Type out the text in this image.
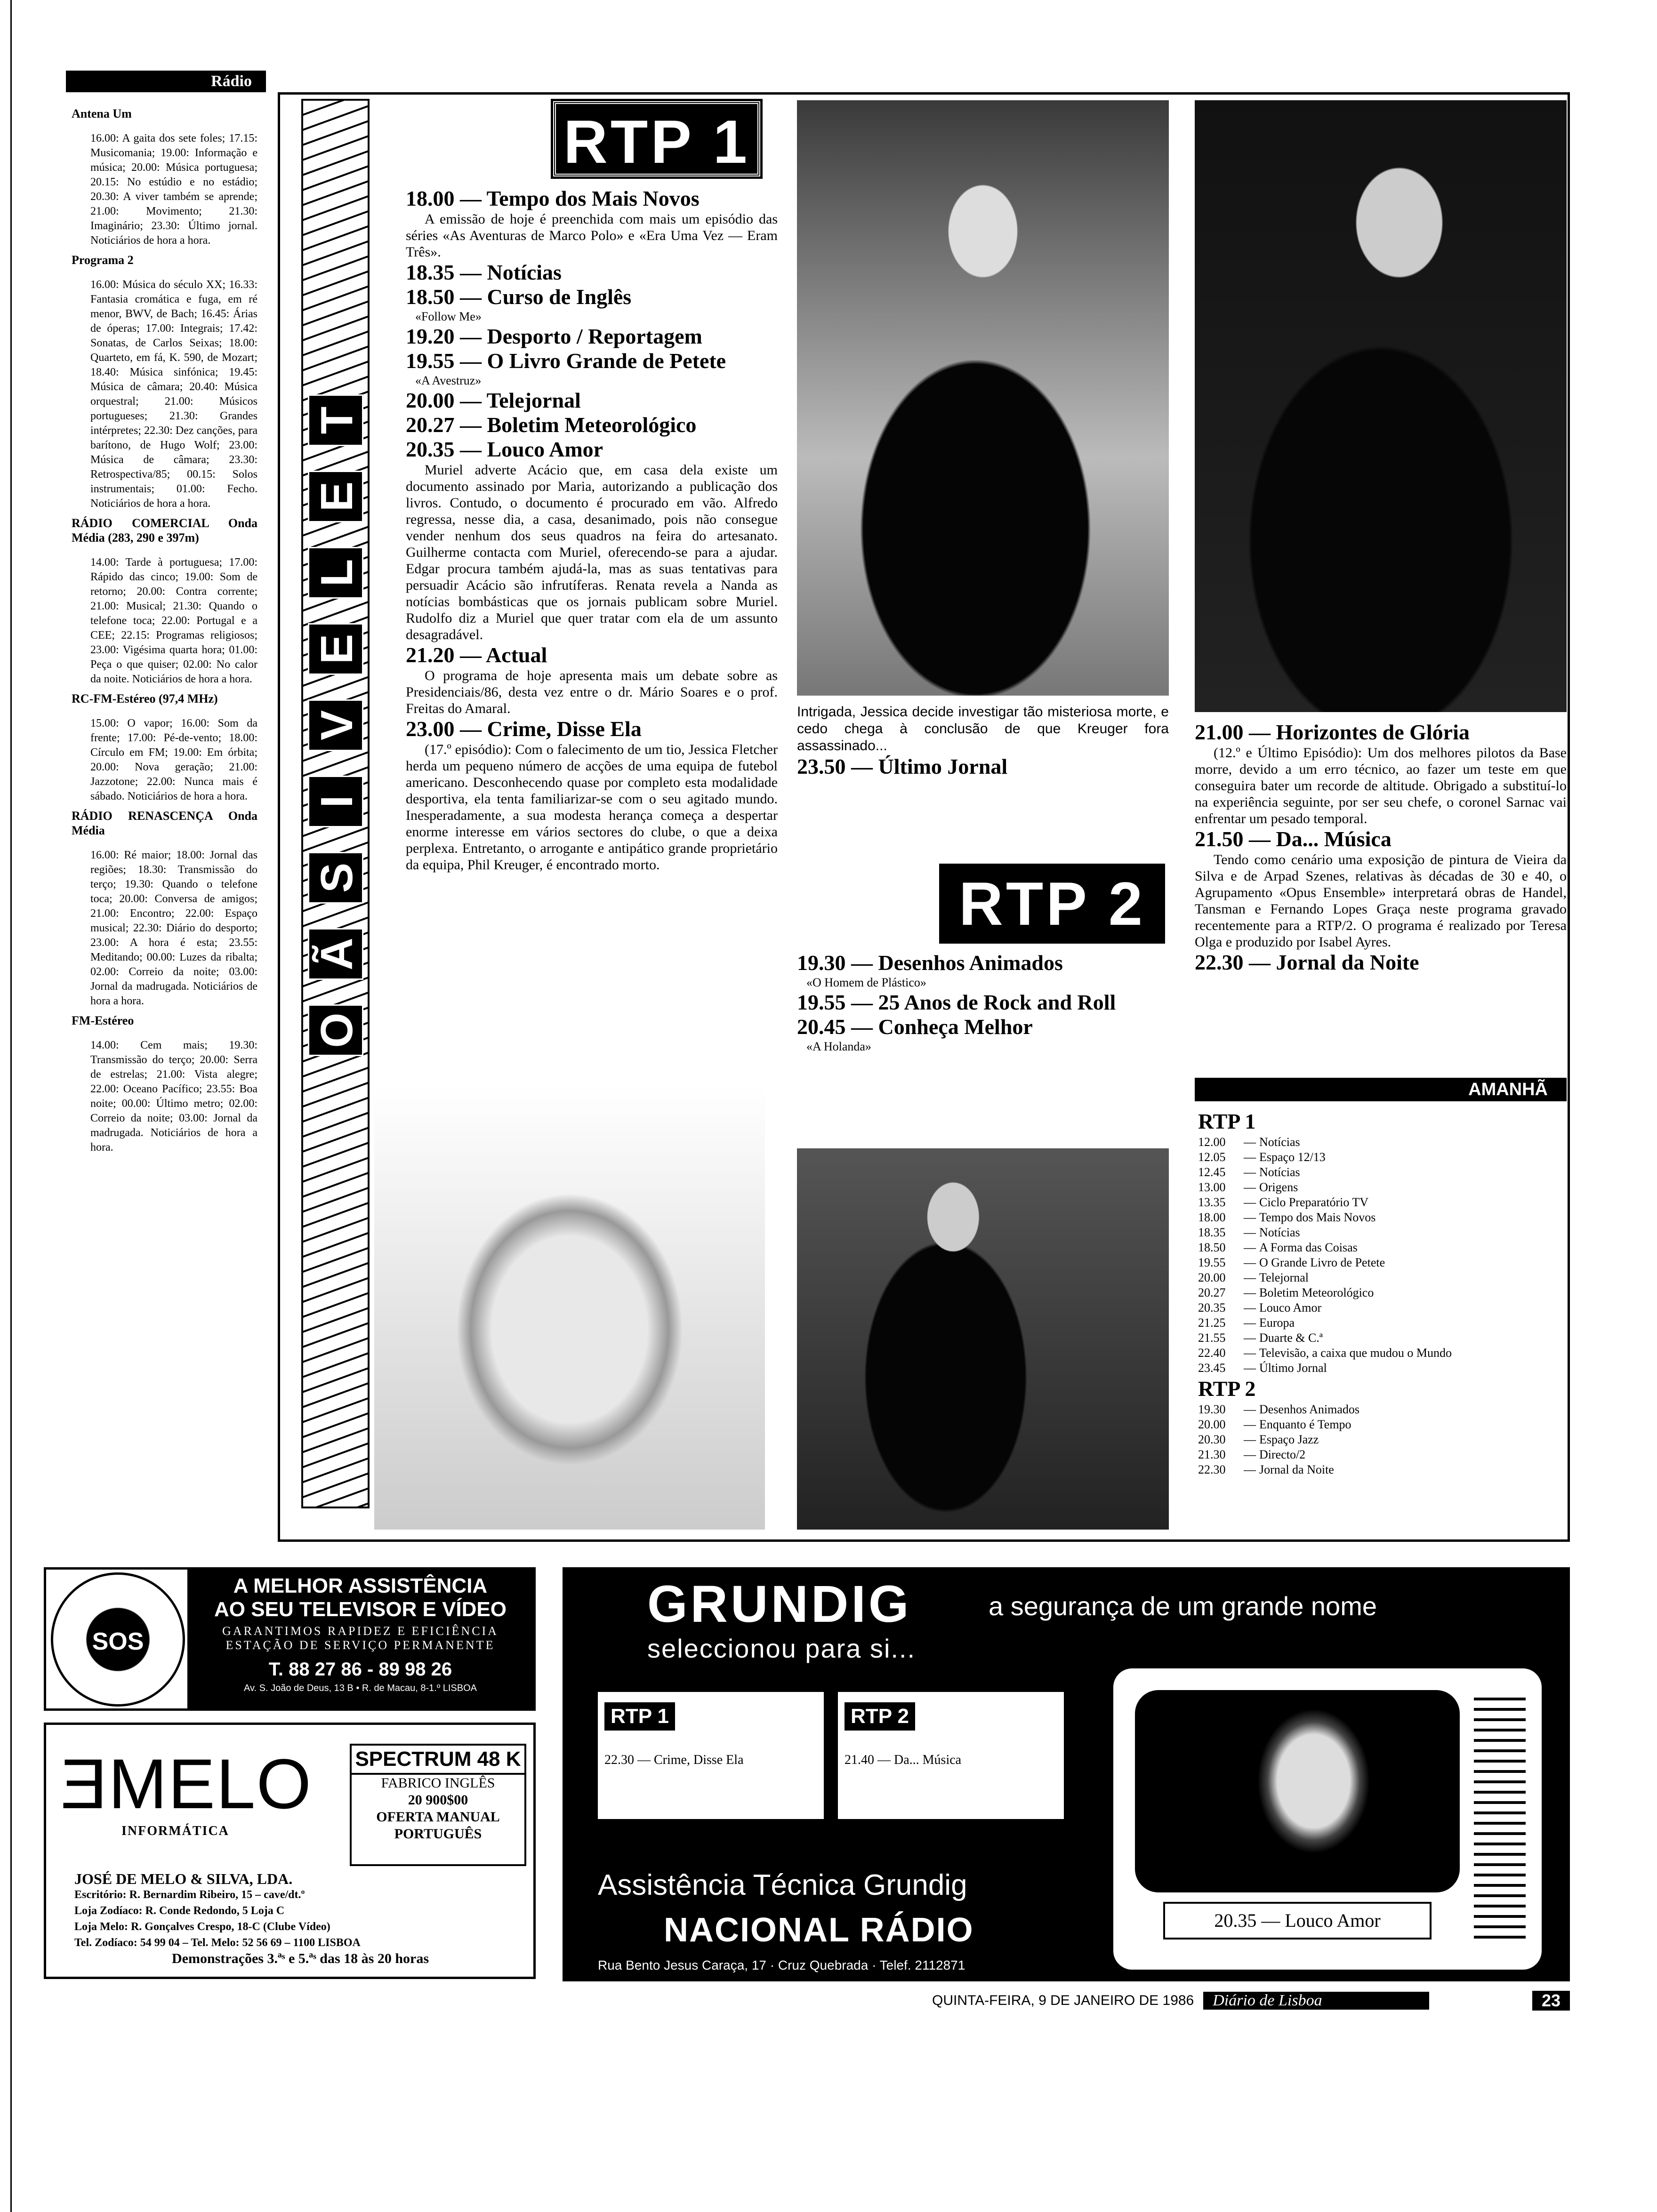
Rádio
Antena Um
16.00: A gaita dos sete foles; 17.15: Musicomania; 19.00: Informação e música; 20.00: Música portuguesa; 20.15: No estúdio e no estádio; 20.30: A viver também se aprende; 21.00: Movimento; 21.30: Imaginário; 23.30: Último jornal. Noticiários de hora a hora.
Programa 2
16.00: Música do século XX; 16.33: Fantasia cromática e fuga, em ré menor, BWV, de Bach; 16.45: Árias de óperas; 17.00: Integrais; 17.42: Sonatas, de Carlos Seixas; 18.00: Quarteto, em fá, K. 590, de Mozart; 18.40: Música sinfónica; 19.45: Música de câmara; 20.40: Música orquestral; 21.00: Músicos portugueses; 21.30: Grandes intérpretes; 22.30: Dez canções, para barítono, de Hugo Wolf; 23.00: Música de câmara; 23.30: Retrospectiva/85; 00.15: Solos instrumentais; 01.00: Fecho. Noticiários de hora a hora.
RÁDIO COMERCIAL Onda Média (283, 290 e 397m)
14.00: Tarde à portuguesa; 17.00: Rápido das cinco; 19.00: Som de retorno; 20.00: Contra corrente; 21.00: Musical; 21.30: Quando o telefone toca; 22.00: Portugal e a CEE; 22.15: Programas religiosos; 23.00: Vigésima quarta hora; 01.00: Peça o que quiser; 02.00: No calor da noite. Noticiários de hora a hora.
RC-FM-Estéreo (97,4 MHz)
15.00: O vapor; 16.00: Som da frente; 17.00: Pé-de-vento; 18.00: Círculo em FM; 19.00: Em órbita; 20.00: Nova geração; 21.00: Jazzotone; 22.00: Nunca mais é sábado. Noticiários de hora a hora.
RÁDIO RENASCENÇA Onda Média
16.00: Ré maior; 18.00: Jornal das regiões; 18.30: Transmissão do terço; 19.30: Quando o telefone toca; 20.00: Conversa de amigos; 21.00: Encontro; 22.00: Espaço musical; 22.30: Diário do desporto; 23.00: A hora é esta; 23.55: Meditando; 00.00: Luzes da ribalta; 02.00: Correio da noite; 03.00: Jornal da madrugada. Noticiários de hora a hora.
FM-Estéreo
14.00: Cem mais; 19.30: Transmissão do terço; 20.00: Serra de estrelas; 21.00: Vista alegre; 22.00: Oceano Pacífico; 23.55: Boa noite; 00.00: Último metro; 02.00: Correio da noite; 03.00: Jornal da madrugada. Noticiários de hora a hora.
T
E
L
E
V
I
S
Ã
O
RTP 1
18.00 — Tempo dos Mais Novos
A emissão de hoje é preenchida com mais um episódio das séries «As Aventuras de Marco Polo» e «Era Uma Vez — Eram Três».
18.35 — Notícias
18.50 — Curso de Inglês
«Follow Me»
19.20 — Desporto / Reportagem
19.55 — O Livro Grande de Petete
«A Avestruz»
20.00 — Telejornal
20.27 — Boletim Meteorológico
20.35 — Louco Amor
Muriel adverte Acácio que, em casa dela existe um documento assinado por Maria, autorizando a publicação dos livros. Contudo, o documento é procurado em vão. Alfredo regressa, nesse dia, a casa, desanimado, pois não consegue vender nenhum dos seus quadros na feira do artesanato. Guilherme contacta com Muriel, oferecendo-se para a ajudar. Edgar procura também ajudá-la, mas as suas tentativas para persuadir Acácio são infrutíferas. Renata revela a Nanda as notícias bombásticas que os jornais publicam sobre Muriel. Rudolfo diz a Muriel que quer tratar com ela de um assunto desagradável.
21.20 — Actual
O programa de hoje apresenta mais um debate sobre as Presidenciais/86, desta vez entre o dr. Mário Soares e o prof. Freitas do Amaral.
23.00 — Crime, Disse Ela
(17.º episódio): Com o falecimento de um tio, Jessica Fletcher herda um pequeno número de acções de uma equipa de futebol americano. Desconhecendo quase por completo esta modalidade desportiva, ela tenta familiarizar-se com o seu agitado mundo. Inesperadamente, a sua modesta herança começa a despertar enorme interesse em vários sectores do clube, o que a deixa perplexa. Entretanto, o arrogante e antipático grande proprietário da equipa, Phil Kreuger, é encontrado morto.
Intrigada, Jessica decide investigar tão misteriosa morte, e cedo chega à conclusão de que Kreuger fora assassinado...
23.50 — Último Jornal
RTP 2
19.30 — Desenhos Animados
«O Homem de Plástico»
19.55 — 25 Anos de Rock and Roll
20.45 — Conheça Melhor
«A Holanda»
21.00 — Horizontes de Glória
(12.º e Último Episódio): Um dos melhores pilotos da Base morre, devido a um erro técnico, ao fazer um teste em que conseguira bater um recorde de altitude. Obrigado a substituí-lo na experiência seguinte, por ser seu chefe, o coronel Sarnac vai enfrentar um pesado temporal.
21.50 — Da... Música
Tendo como cenário uma exposição de pintura de Vieira da Silva e de Arpad Szenes, relativas às décadas de 30 e 40, o Agrupamento «Opus Ensemble» interpretará obras de Handel, Tansman e Fernando Lopes Graça neste programa gravado recentemente para a RTP/2. O programa é realizado por Teresa Olga e produzido por Isabel Ayres.
22.30 — Jornal da Noite
AMANHÃ
RTP 1
12.00	— Notícias
12.05	— Espaço 12/13
12.45	— Notícias
13.00	— Origens
13.35	— Ciclo Preparatório TV
18.00	— Tempo dos Mais Novos
18.35	— Notícias
18.50	— A Forma das Coisas
19.55	— O Grande Livro de Petete
20.00	— Telejornal
20.27	— Boletim Meteorológico
20.35	— Louco Amor
21.25	— Europa
21.55	— Duarte & C.ª
22.40	— Televisão, a caixa que mudou o Mundo
23.45	— Último Jornal
RTP 2
19.30	— Desenhos Animados
20.00	— Enquanto é Tempo
20.30	— Espaço Jazz
21.30	— Directo/2
22.30	— Jornal da Noite
SOS
A MELHOR ASSISTÊNCIA
AO SEU TELEVISOR E VÍDEO
GARANTIMOS RAPIDEZ E EFICIÊNCIA
ESTAÇÃO DE SERVIÇO PERMANENTE
T. 88 27 86 - 89 98 26
Av. S. João de Deus, 13 B • R. de Macau, 8-1.º LISBOA
ƎMELO
INFORMÁTICA
SPECTRUM 48 K
FABRICO INGLÊS
20 900$00
OFERTA MANUAL
PORTUGUÊS
JOSÉ DE MELO & SILVA, LDA.
Escritório: R. Bernardim Ribeiro, 15 – cave/dt.º
Loja Zodíaco: R. Conde Redondo, 5 Loja C
Loja Melo: R. Gonçalves Crespo, 18-C (Clube Vídeo)
Tel. Zodíaco: 54 99 04 – Tel. Melo: 52 56 69 – 1100 LISBOA
Demonstrações 3.ªˢ e 5.ªˢ das 18 às 20 horas
GRUNDIG	a segurança de um grande nome
seleccionou para si...
RTP 1
22.30 — Crime, Disse Ela
RTP 2
21.40 — Da... Música
20.35 — Louco Amor
Assistência Técnica Grundig
NACIONAL RÁDIO
Rua Bento Jesus Caraça, 17 · Cruz Quebrada · Telef. 2112871
QUINTA-FEIRA, 9 DE JANEIRO DE 1986	Diário de Lisboa	23
